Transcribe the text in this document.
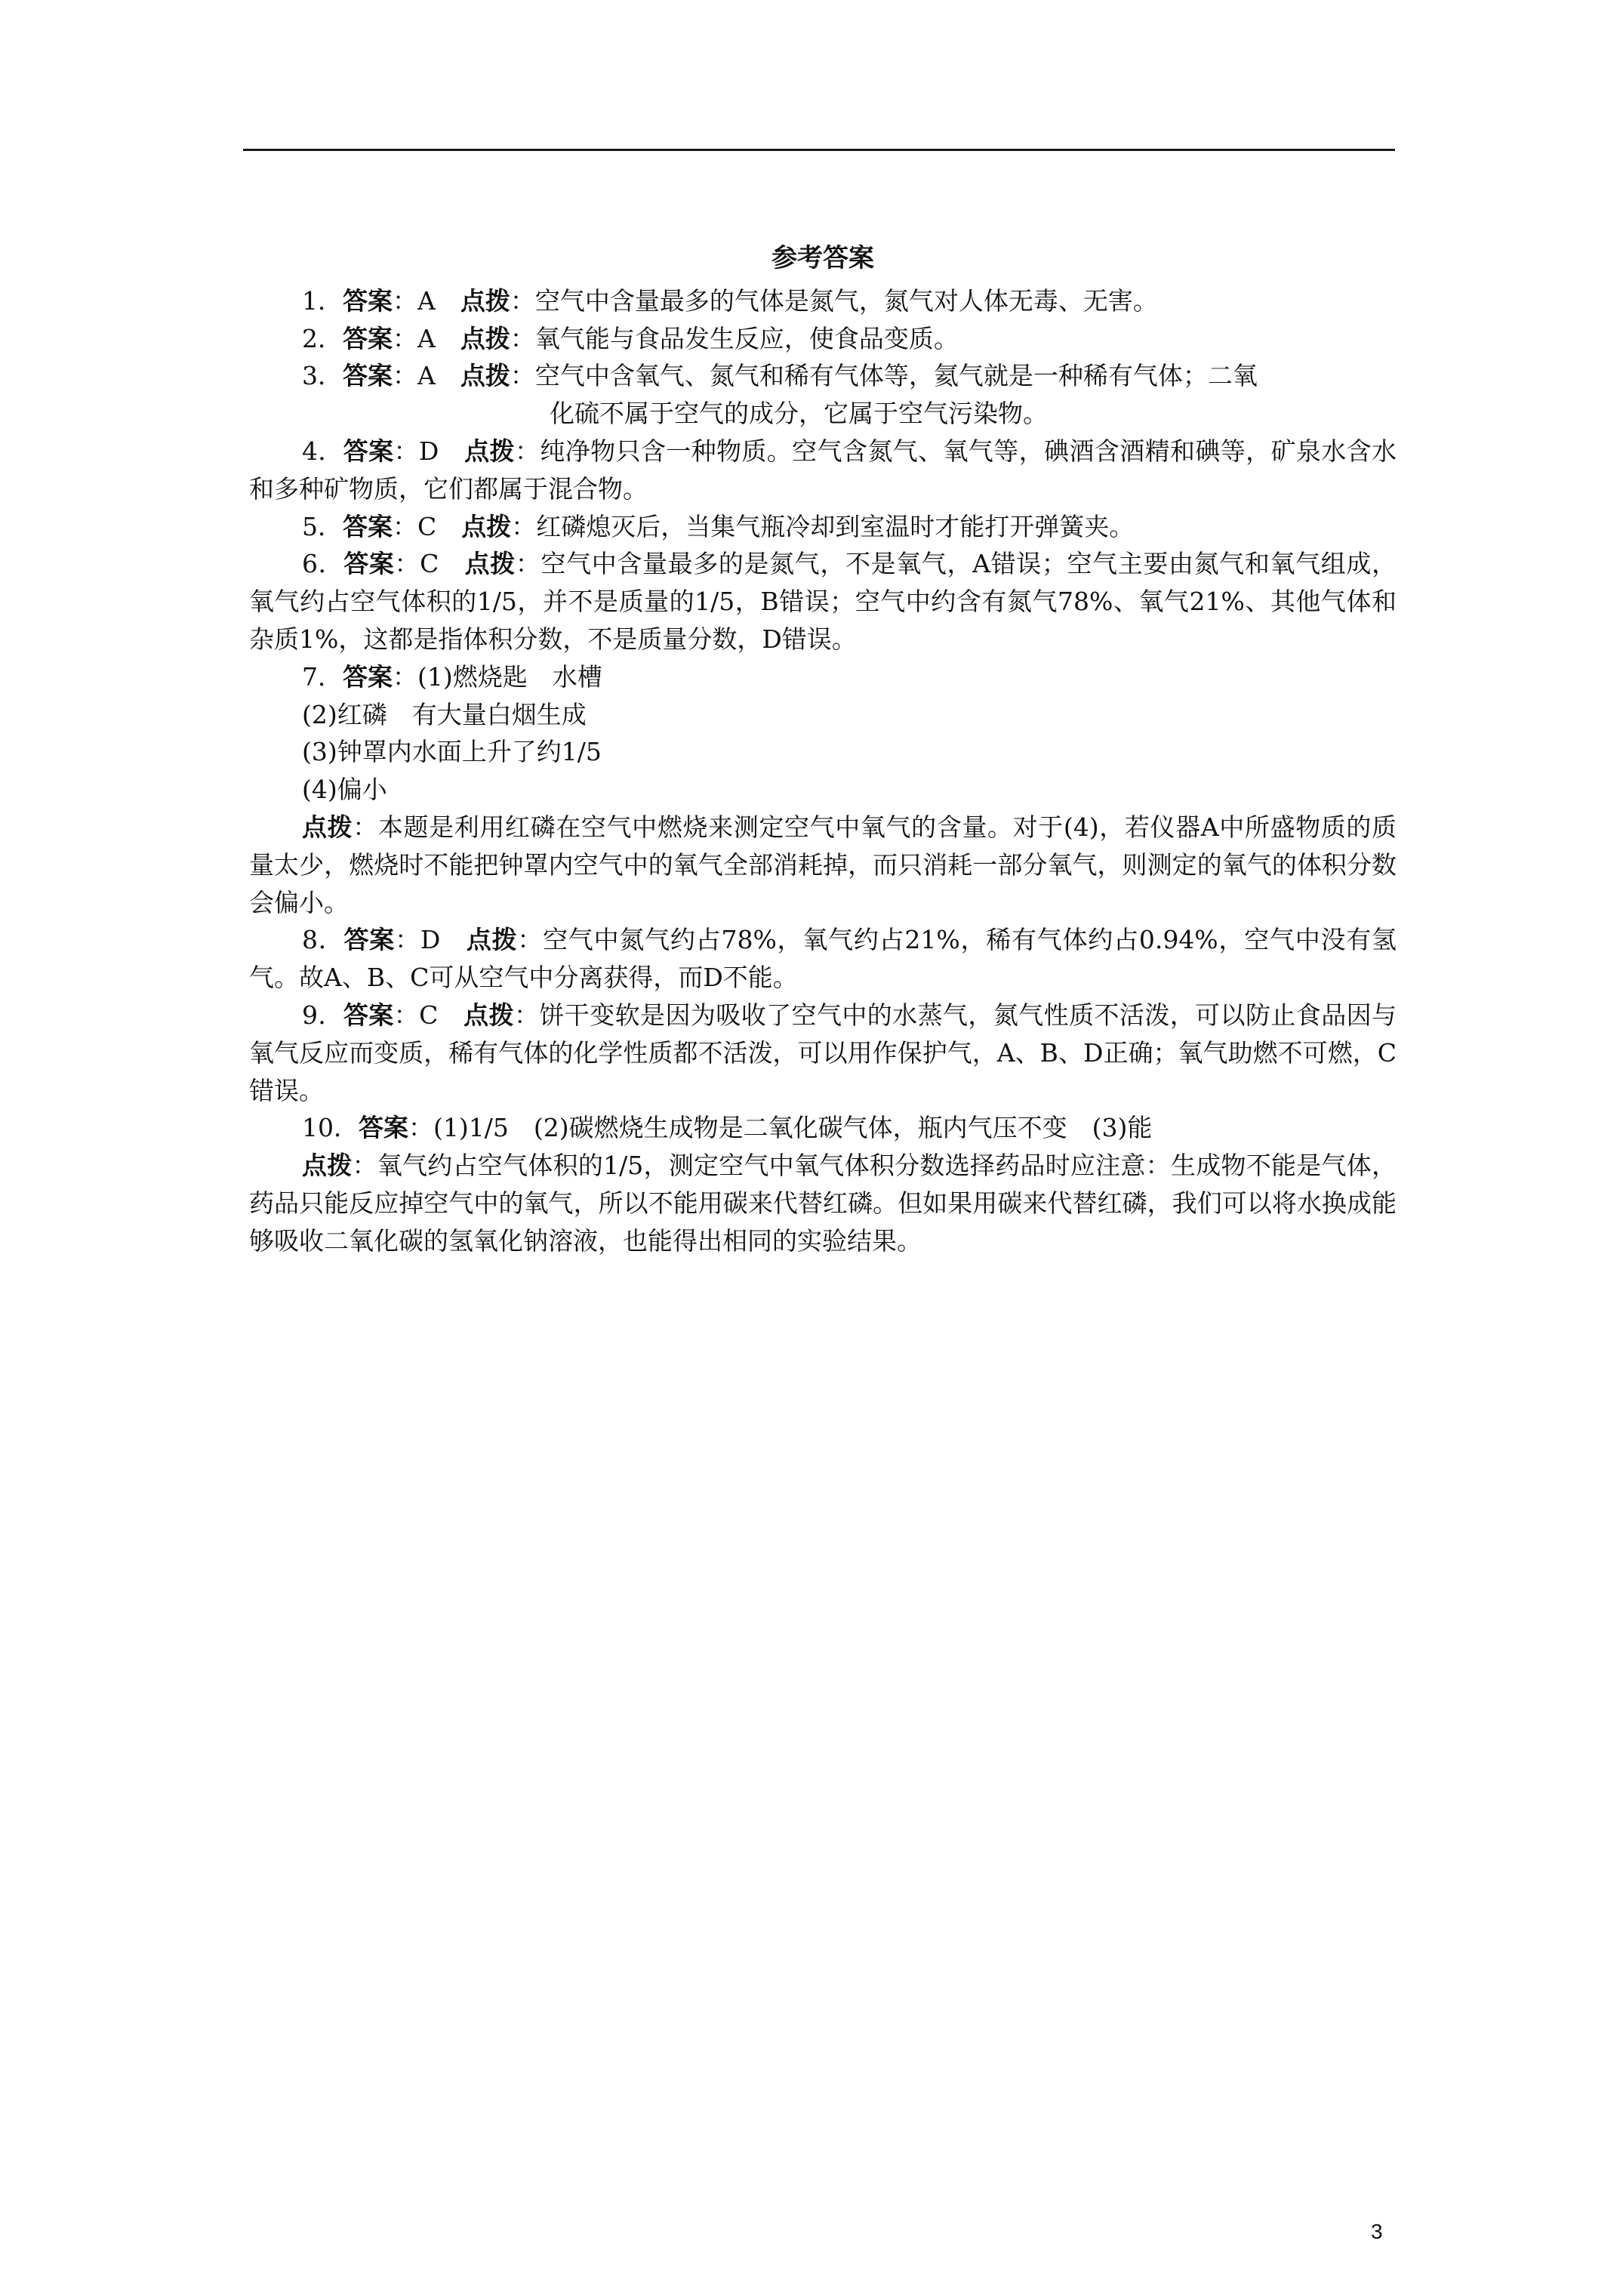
参考答案

1．答案：A　点拨：空气中含量最多的气体是氮气，氮气对人体无毒、无害。

2．答案：A　点拨：氧气能与食品发生反应，使食品变质。

3．答案：A　点拨：空气中含氧气、氮气和稀有气体等，氦气就是一种稀有气体；二氧

化硫不属于空气的成分，它属于空气污染物。

4．答案：D　点拨：纯净物只含一种物质。空气含氮气、氧气等，碘酒含酒精和碘等，矿泉水含水和多种矿物质，它们都属于混合物。

5．答案：C　点拨：红磷熄灭后，当集气瓶冷却到室温时才能打开弹簧夹。

6．答案：C　点拨：空气中含量最多的是氮气，不是氧气，A错误；空气主要由氮气和氧气组成，氧气约占空气体积的1/5，并不是质量的1/5，B错误；空气中约含有氮气78%、氧气21%、其他气体和杂质1%，这都是指体积分数，不是质量分数，D错误。

7．答案：(1)燃烧匙　水槽

(2)红磷　有大量白烟生成

(3)钟罩内水面上升了约1/5

(4)偏小

点拨：本题是利用红磷在空气中燃烧来测定空气中氧气的含量。对于(4)，若仪器A中所盛物质的质量太少，燃烧时不能把钟罩内空气中的氧气全部消耗掉，而只消耗一部分氧气，则测定的氧气的体积分数会偏小。

8．答案：D　点拨：空气中氮气约占78%，氧气约占21%，稀有气体约占0.94%，空气中没有氢气。故A、B、C可从空气中分离获得，而D不能。

9．答案：C　点拨：饼干变软是因为吸收了空气中的水蒸气，氮气性质不活泼，可以防止食品因与氧气反应而变质，稀有气体的化学性质都不活泼，可以用作保护气，A、B、D正确；氧气助燃不可燃，C错误。

10．答案：(1)1/5　(2)碳燃烧生成物是二氧化碳气体，瓶内气压不变　(3)能

点拨：氧气约占空气体积的1/5，测定空气中氧气体积分数选择药品时应注意：生成物不能是气体，药品只能反应掉空气中的氧气，所以不能用碳来代替红磷。但如果用碳来代替红磷，我们可以将水换成能够吸收二氧化碳的氢氧化钠溶液，也能得出相同的实验结果。

3
